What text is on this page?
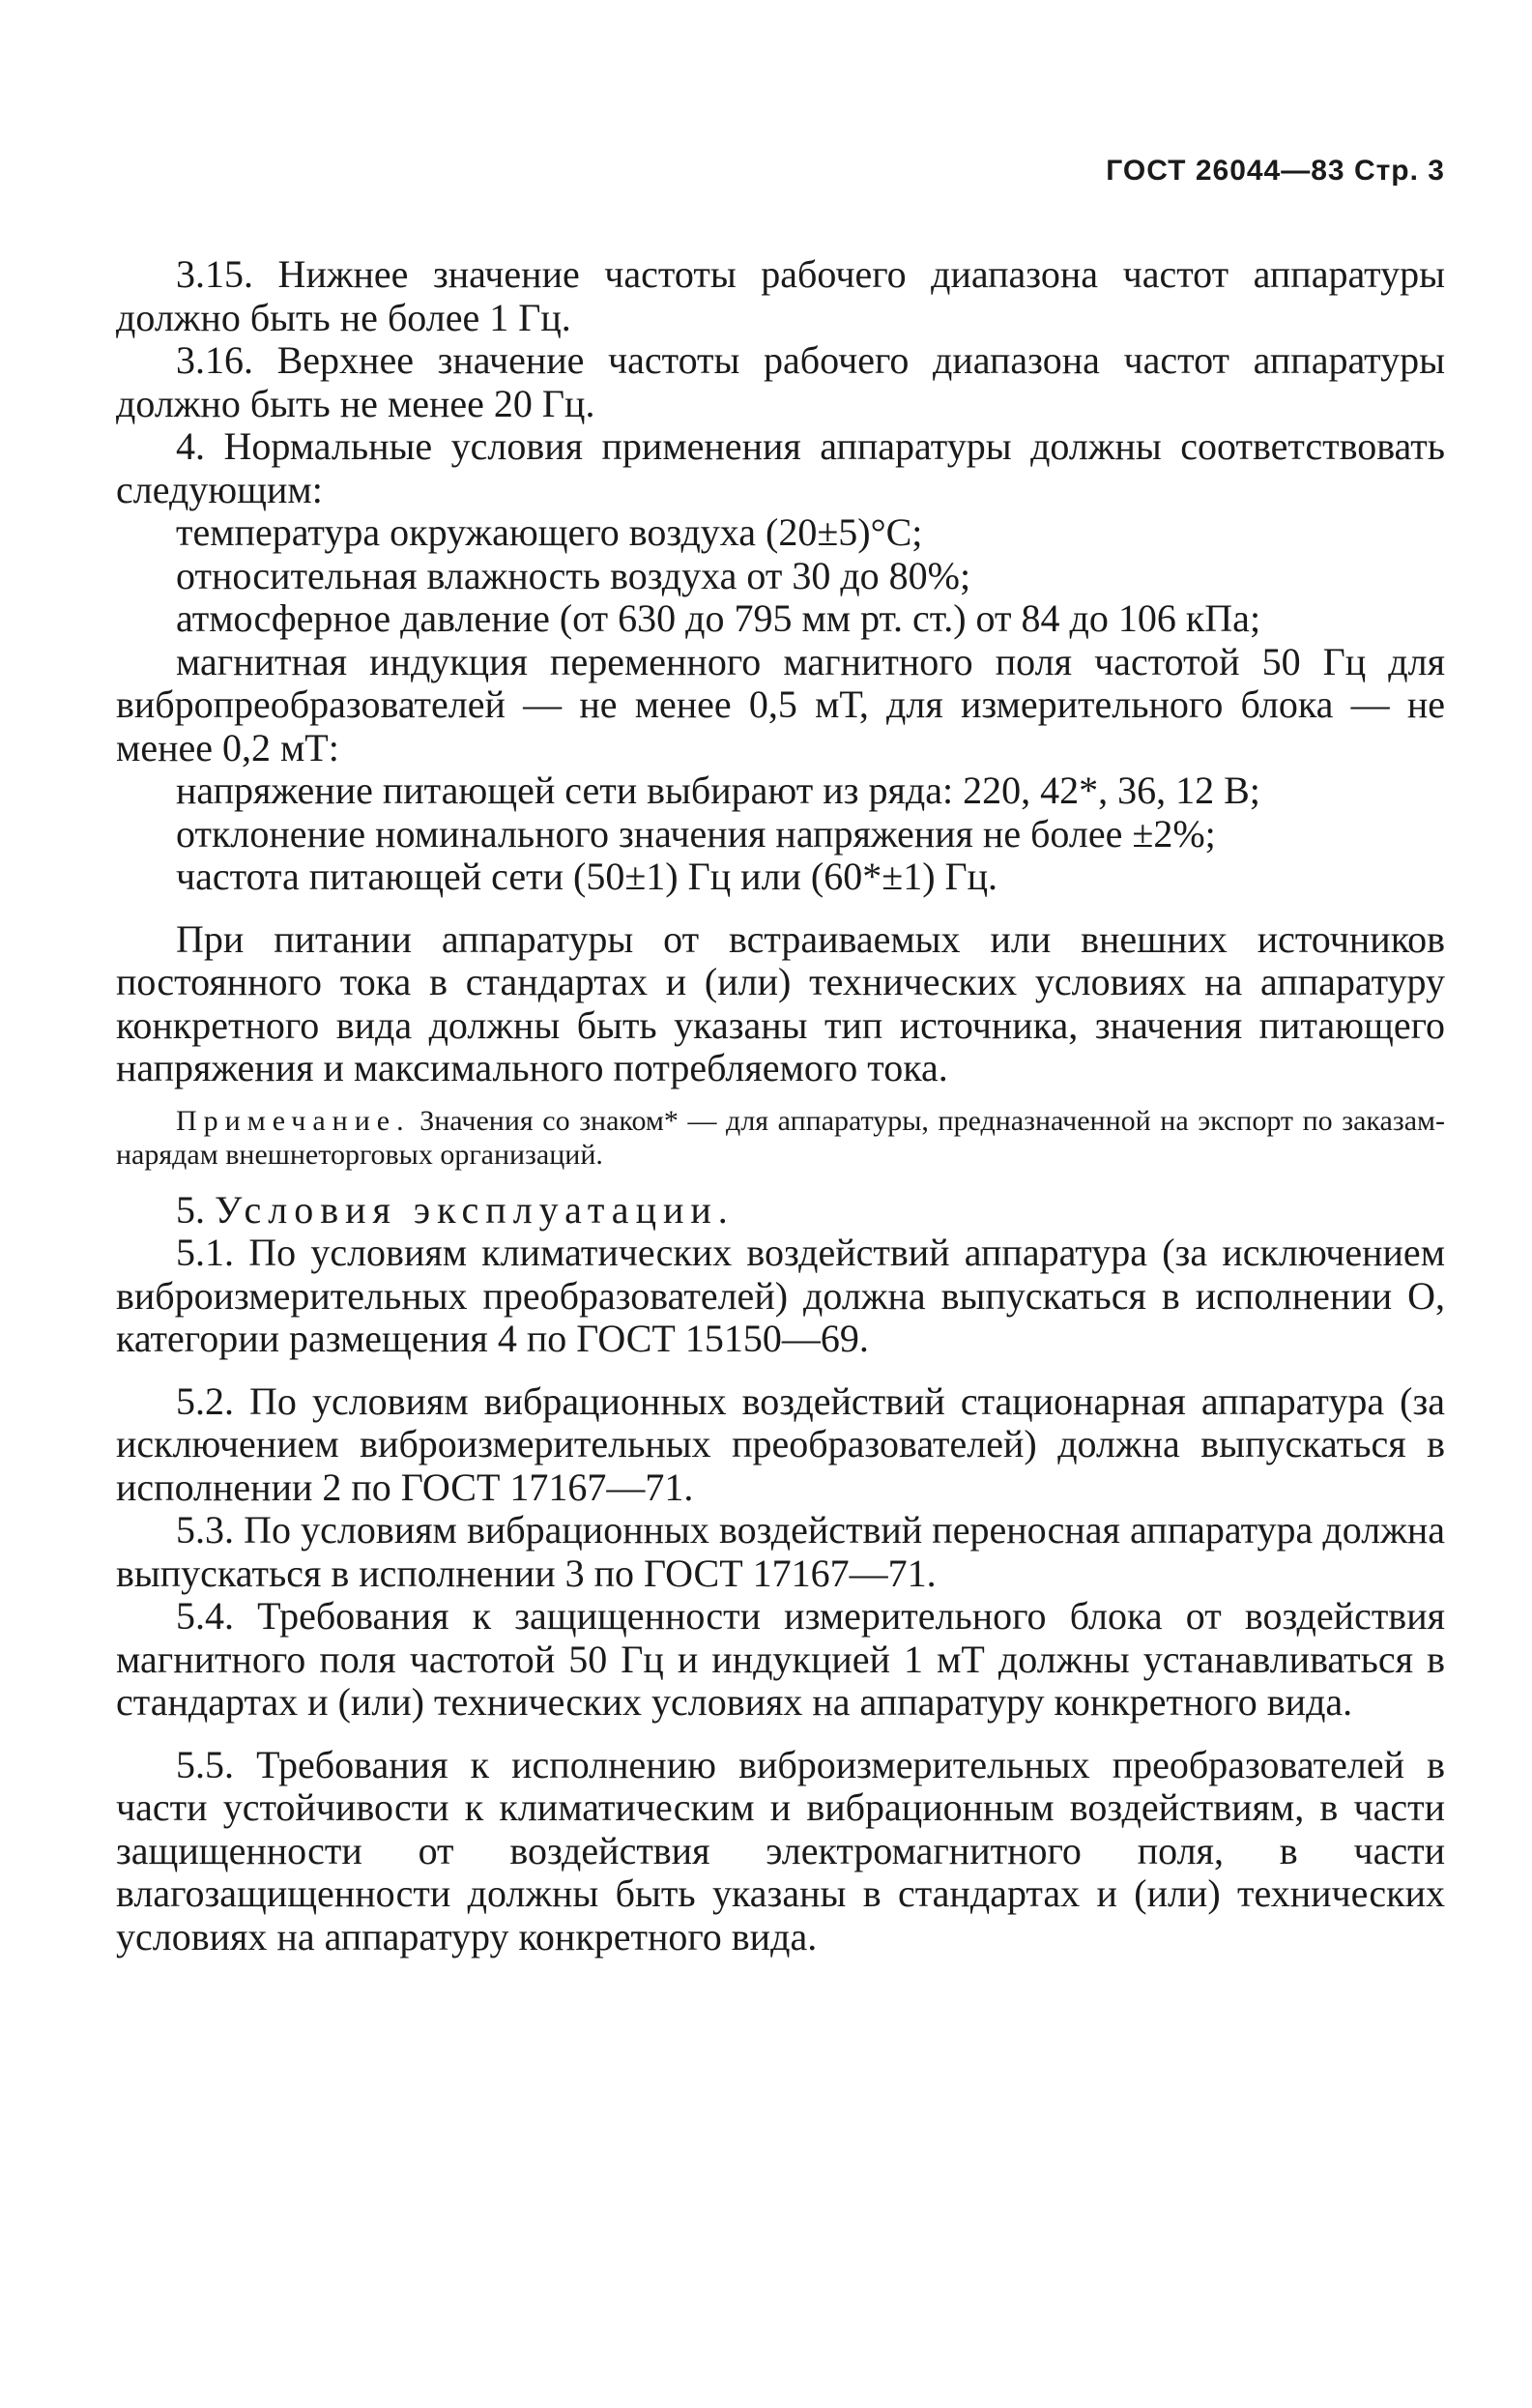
ГОСТ 26044—83 Стр. 3

3.15. Нижнее значение частоты рабочего диапазона частот аппаратуры должно быть не более 1 Гц.

3.16. Верхнее значение частоты рабочего диапазона частот аппаратуры должно быть не менее 20 Гц.

4. Нормальные условия применения аппаратуры должны соответствовать следующим:

температура окружающего воздуха (20±5)°С;

относительная влажность воздуха от 30 до 80%;

атмосферное давление (от 630 до 795 мм рт. ст.) от 84 до 106 кПа;

магнитная индукция переменного магнитного поля частотой 50 Гц для вибропреобразователей — не менее 0,5 мТ, для измерительного блока — не менее 0,2 мТ:

напряжение питающей сети выбирают из ряда: 220, 42*, 36, 12 В;

отклонение номинального значения напряжения не более ±2%;

частота питающей сети (50±1) Гц или (60*±1) Гц.

При питании аппаратуры от встраиваемых или внешних источников постоянного тока в стандартах и (или) технических условиях на аппаратуру конкретного вида должны быть указаны тип источника, значения питающего напряжения и максимального потребляемого тока.

Примечание. Значения со знаком* — для аппаратуры, предназначенной на экспорт по заказам-нарядам внешнеторговых организаций.

5. Условия эксплуатации.

5.1. По условиям климатических воздействий аппаратура (за исключением виброизмерительных преобразователей) должна выпускаться в исполнении О, категории размещения 4 по ГОСТ 15150—69.

5.2. По условиям вибрационных воздействий стационарная аппаратура (за исключением виброизмерительных преобразователей) должна выпускаться в исполнении 2 по ГОСТ 17167—71.

5.3. По условиям вибрационных воздействий переносная аппаратура должна выпускаться в исполнении 3 по ГОСТ 17167—71.

5.4. Требования к защищенности измерительного блока от воздействия магнитного поля частотой 50 Гц и индукцией 1 мТ должны устанавливаться в стандартах и (или) технических условиях на аппаратуру конкретного вида.

5.5. Требования к исполнению виброизмерительных преобразователей в части устойчивости к климатическим и вибрационным воздействиям, в части защищенности от воздействия электромагнитного поля, в части влагозащищенности должны быть указаны в стандартах и (или) технических условиях на аппаратуру конкретного вида.
